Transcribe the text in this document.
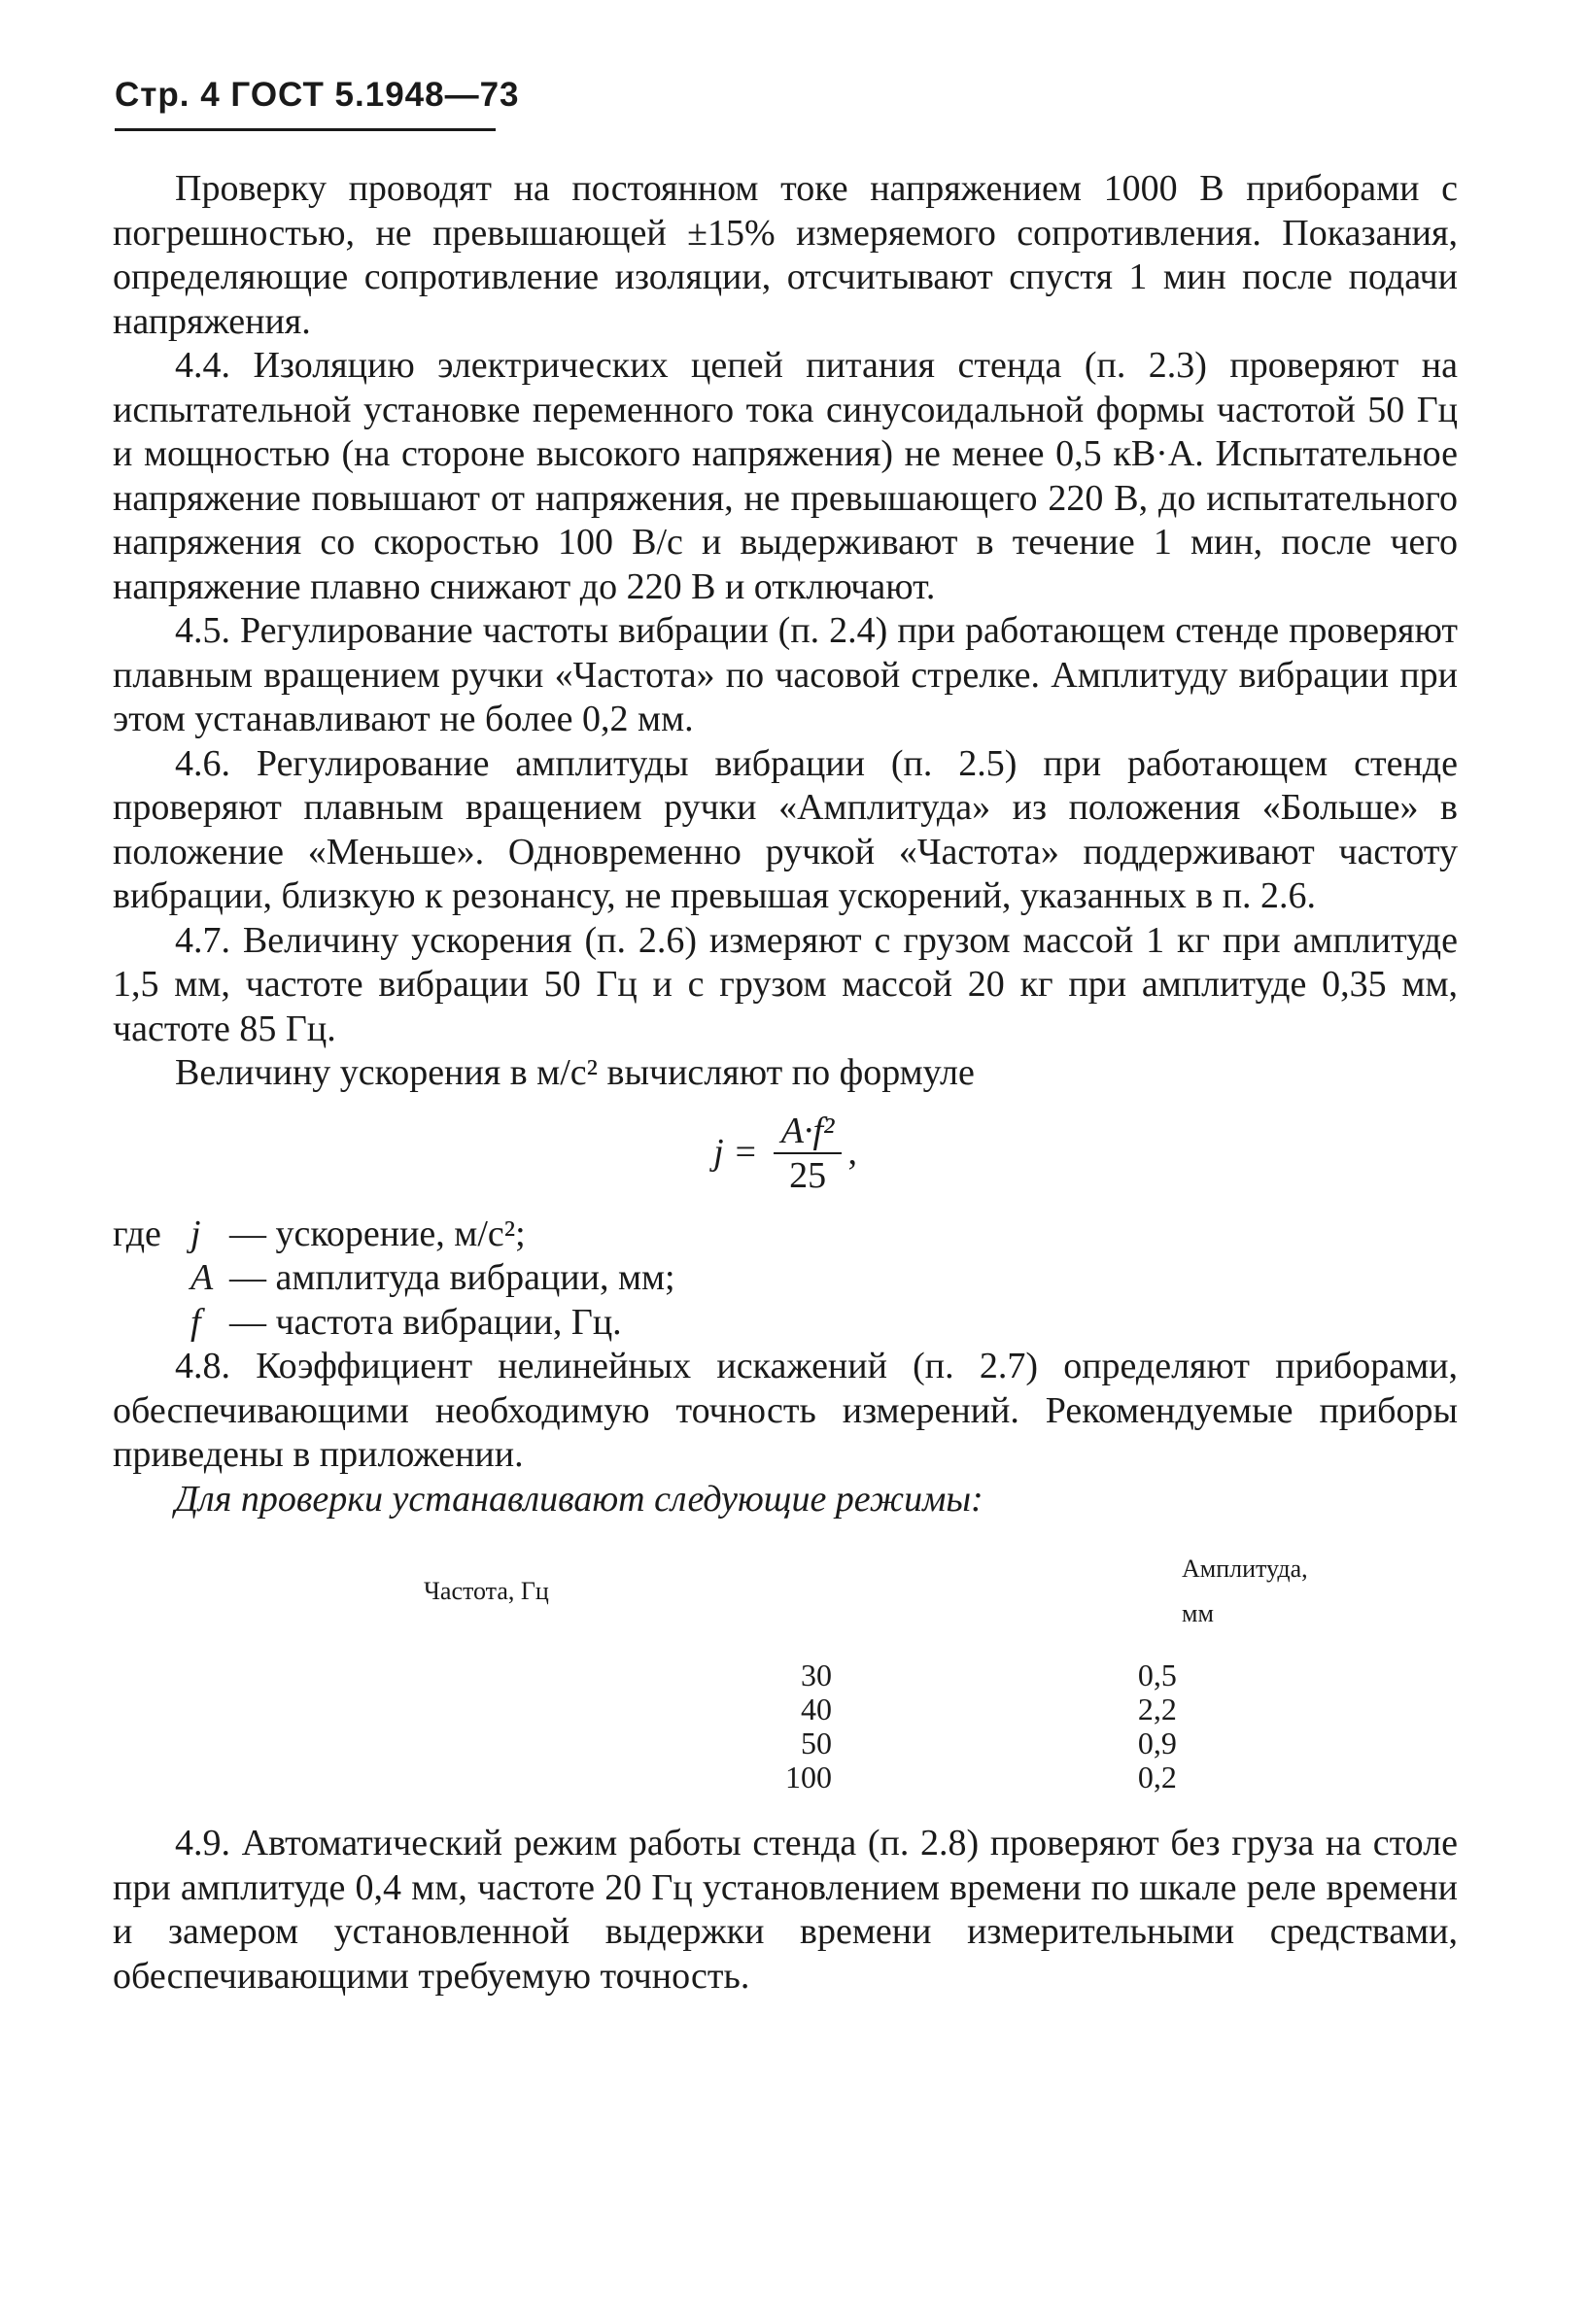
Стр. 4 ГОСТ 5.1948—73

Проверку проводят на постоянном токе напряжением 1000 В приборами с погрешностью, не превышающей ±15% измеряемого сопротивления. Показания, определяющие сопротивление изоляции, отсчитывают спустя 1 мин после подачи напряжения.

4.4. Изоляцию электрических цепей питания стенда (п. 2.3) проверяют на испытательной установке переменного тока синусоидальной формы частотой 50 Гц и мощностью (на стороне высокого напряжения) не менее 0,5 кВ·А. Испытательное напряжение повышают от напряжения, не превышающего 220 В, до испытательного напряжения со скоростью 100 В/с и выдерживают в течение 1 мин, после чего напряжение плавно снижают до 220 В и отключают.

4.5. Регулирование частоты вибрации (п. 2.4) при работающем стенде проверяют плавным вращением ручки «Частота» по часовой стрелке. Амплитуду вибрации при этом устанавливают не более 0,2 мм.

4.6. Регулирование амплитуды вибрации (п. 2.5) при работающем стенде проверяют плавным вращением ручки «Амплитуда» из положения «Больше» в положение «Меньше». Одновременно ручкой «Частота» поддерживают частоту вибрации, близкую к резонансу, не превышая ускорений, указанных в п. 2.6.

4.7. Величину ускорения (п. 2.6) измеряют с грузом массой 1 кг при амплитуде 1,5 мм, частоте вибрации 50 Гц и с грузом массой 20 кг при амплитуде 0,35 мм, частоте 85 Гц.

Величину ускорения в м/с² вычисляют по формуле

$j = \frac{\text{A·f²}}{25}$ ,
где j — ускорение, м/с²;
A — амплитуда вибрации, мм;
f — частота вибрации, Гц.

4.8. Коэффициент нелинейных искажений (п. 2.7) определяют приборами, обеспечивающими необходимую точность измерений. Рекомендуемые приборы приведены в приложении.

Для проверки устанавливают следующие режимы:

Частота, Гц	Амплитуда, мм
30	0,5
40	2,2
50	0,9
100	0,2

4.9. Автоматический режим работы стенда (п. 2.8) проверяют без груза на столе при амплитуде 0,4 мм, частоте 20 Гц установлением времени по шкале реле времени и замером установленной выдержки времени измерительными средствами, обеспечивающими требуемую точность.
